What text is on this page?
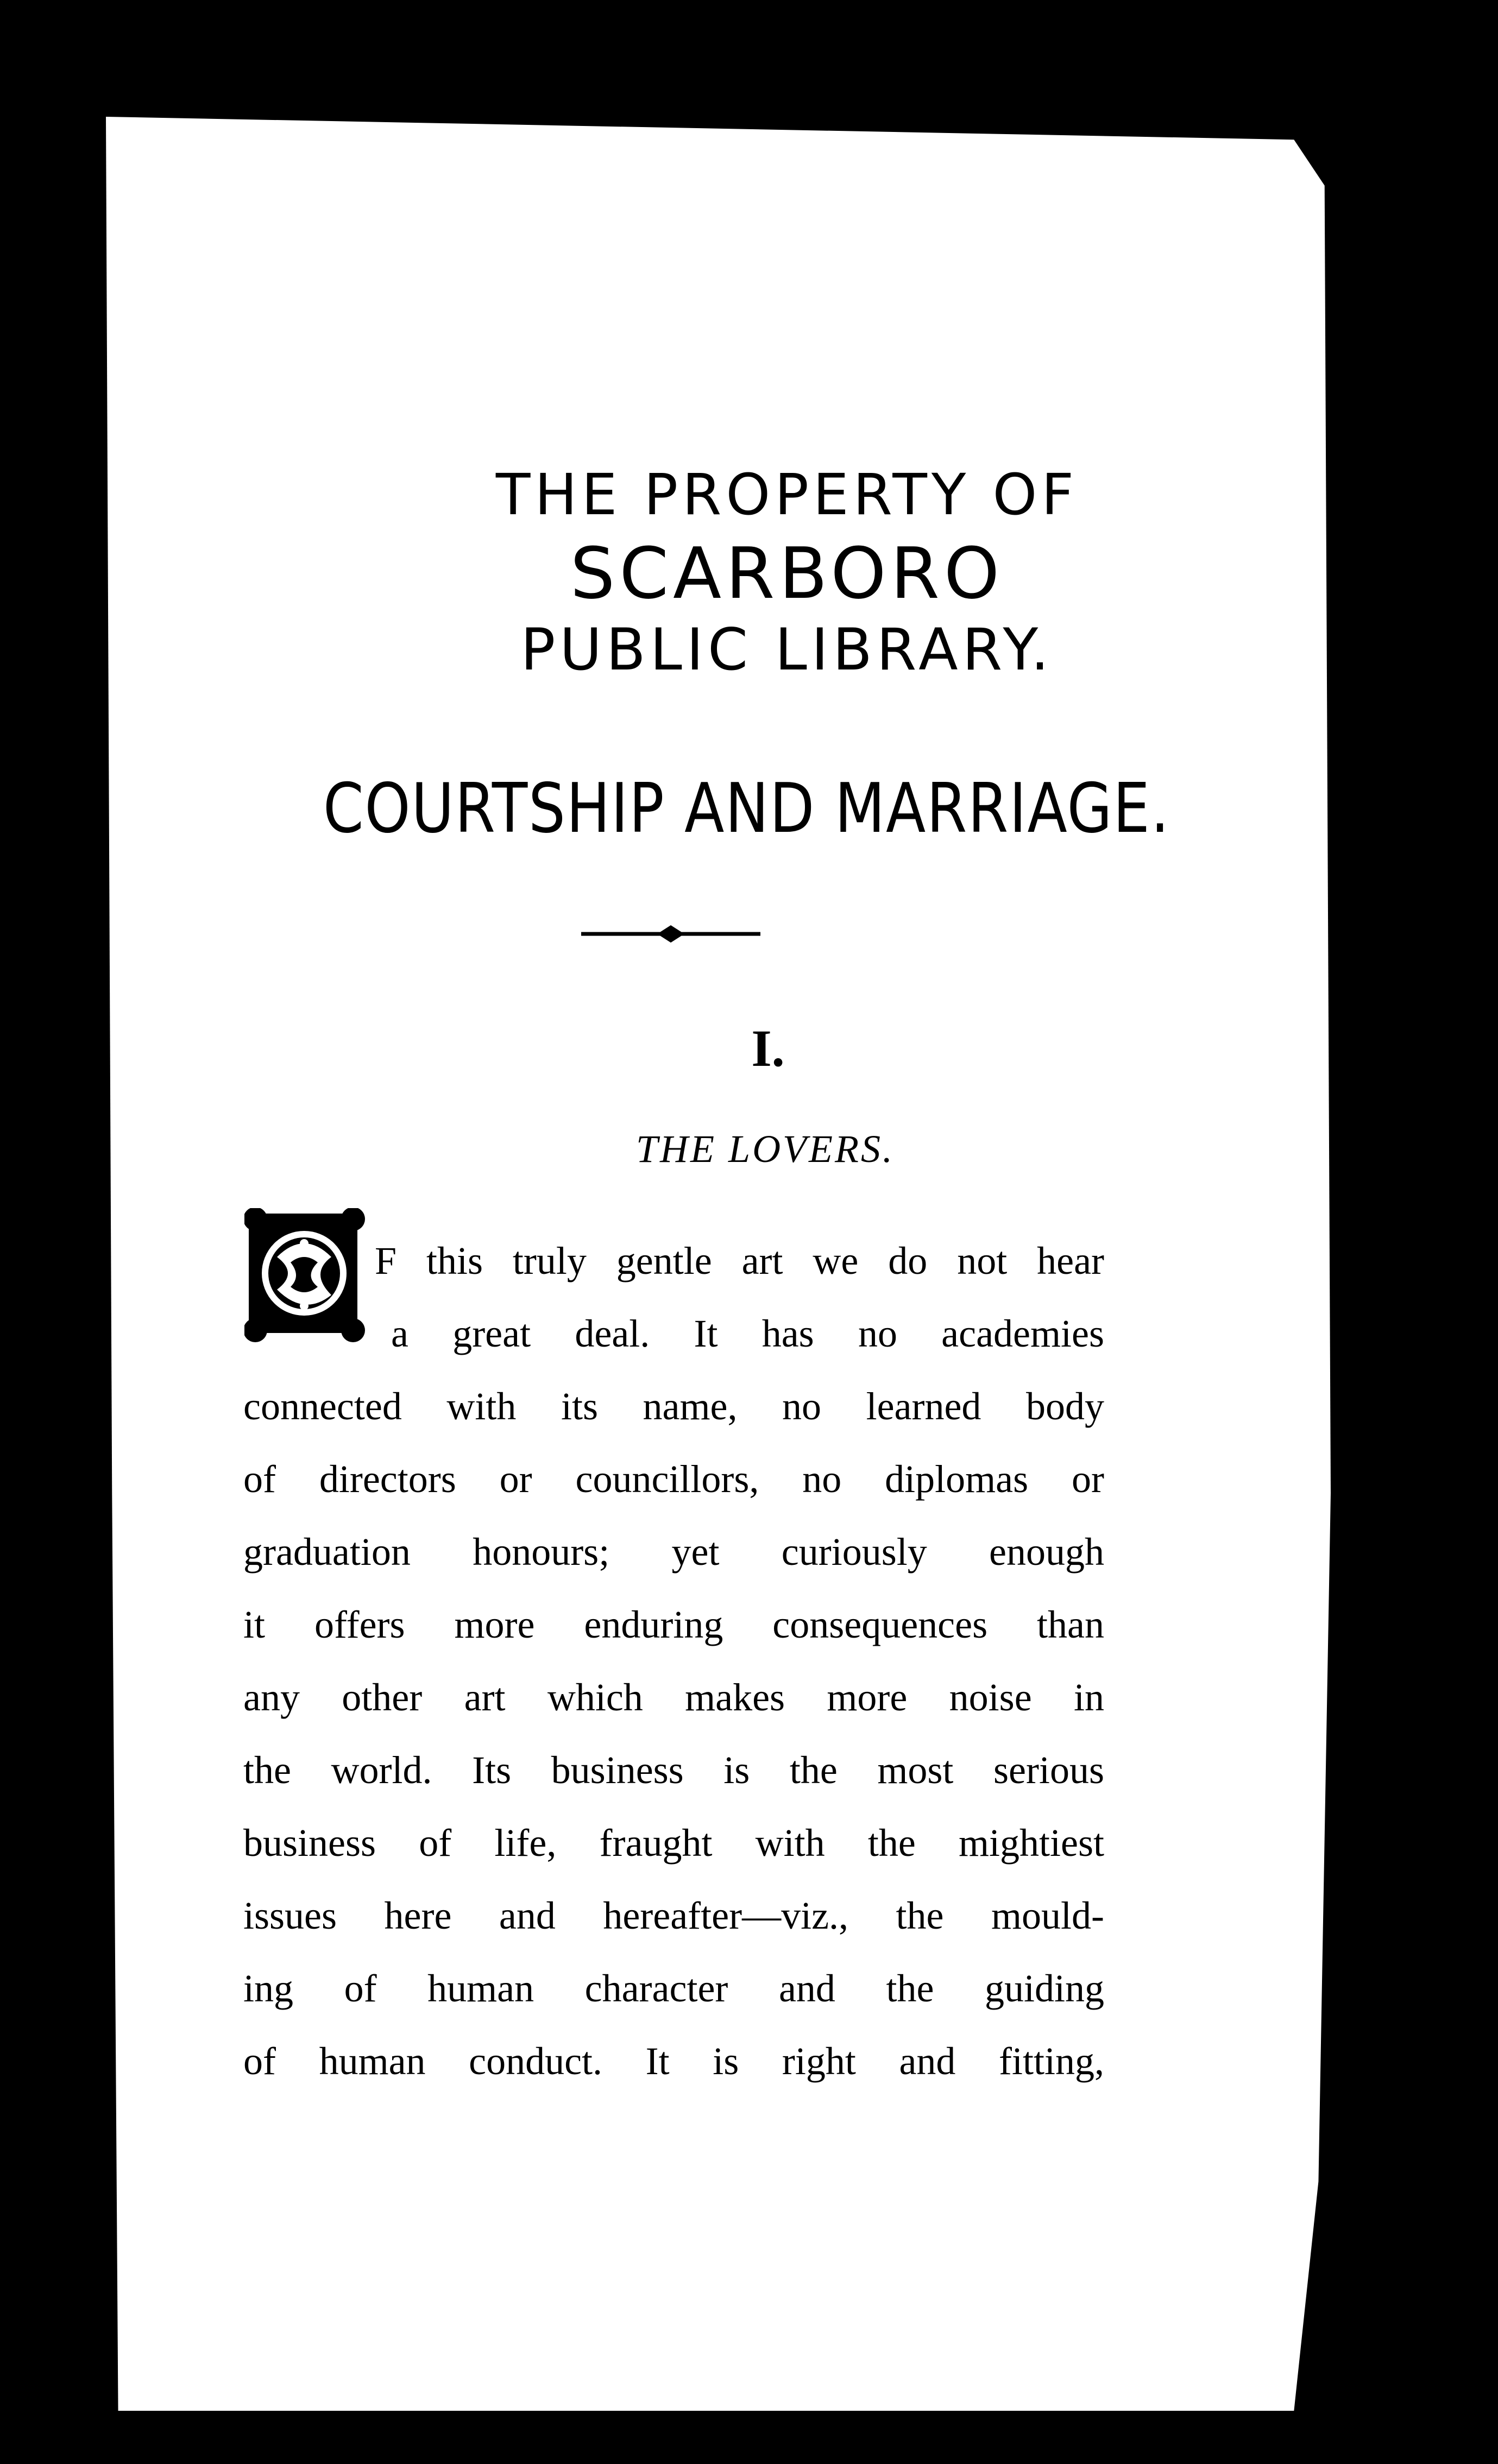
THE PROPERTY OF
SCARBORO
PUBLIC LIBRARY.
COURTSHIP AND MARRIAGE.
I.
THE LOVERS.
F this truly gentle art we do not hear
a great deal. It has no academies
connected with its name, no learned body
of directors or councillors, no diplomas or
graduation honours; yet curiously enough
it offers more enduring consequences than
any other art which makes more noise in
the world. Its business is the most serious
business of life, fraught with the mightiest
issues here and hereafter—viz., the mould-
ing of human character and the guiding
of human conduct. It is right and fitting,
